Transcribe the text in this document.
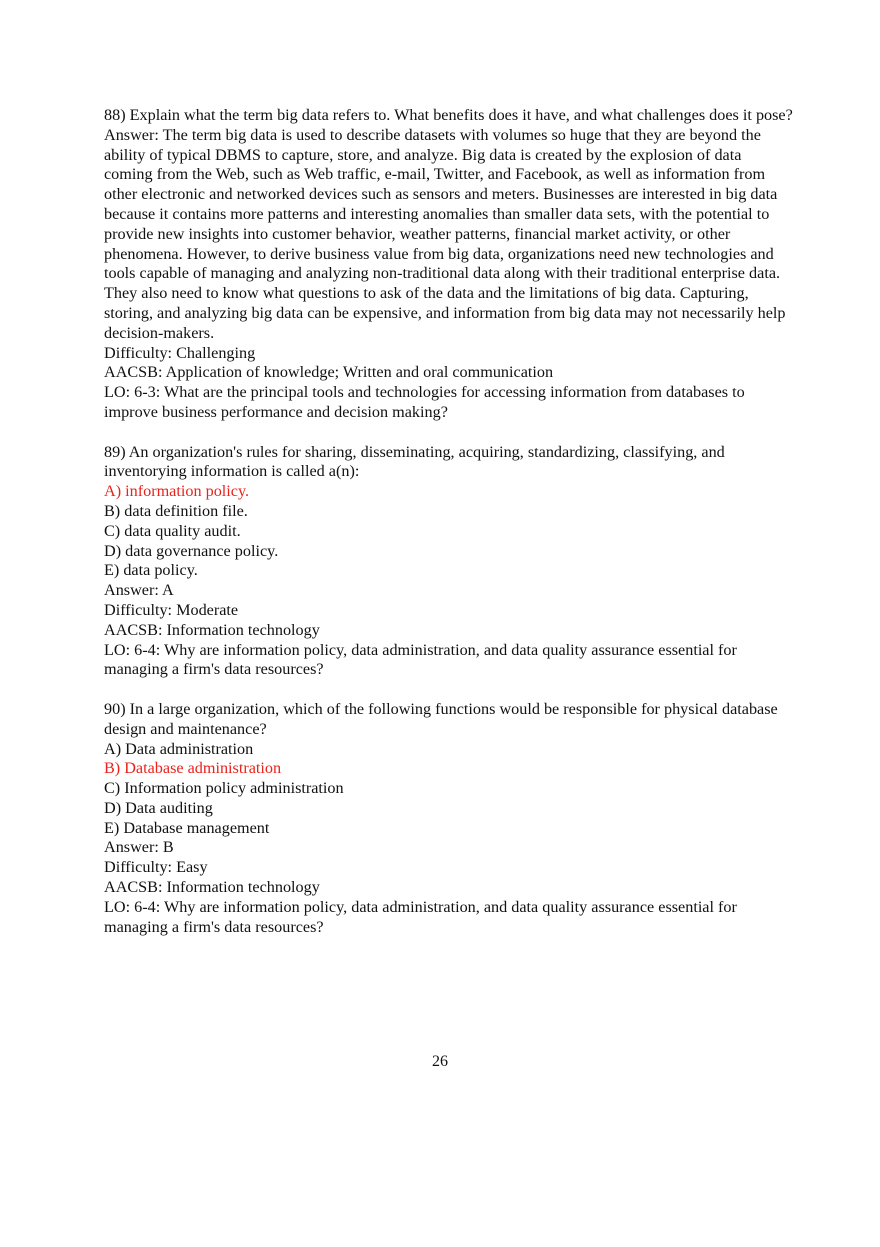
88) Explain what the term big data refers to. What benefits does it have, and what challenges does it pose?
Answer: The term big data is used to describe datasets with volumes so huge that they are beyond the ability of typical DBMS to capture, store, and analyze. Big data is created by the explosion of data coming from the Web, such as Web traffic, e-mail, Twitter, and Facebook, as well as information from other electronic and networked devices such as sensors and meters. Businesses are interested in big data because it contains more patterns and interesting anomalies than smaller data sets, with the potential to provide new insights into customer behavior, weather patterns, financial market activity, or other phenomena. However, to derive business value from big data, organizations need new technologies and tools capable of managing and analyzing non-traditional data along with their traditional enterprise data. They also need to know what questions to ask of the data and the limitations of big data. Capturing, storing, and analyzing big data can be expensive, and information from big data may not necessarily help decision-makers.
Difficulty: Challenging
AACSB: Application of knowledge; Written and oral communication
LO: 6-3: What are the principal tools and technologies for accessing information from databases to improve business performance and decision making?
89) An organization's rules for sharing, disseminating, acquiring, standardizing, classifying, and inventorying information is called a(n):
A) information policy.
B) data definition file.
C) data quality audit.
D) data governance policy.
E) data policy.
Answer: A
Difficulty: Moderate
AACSB: Information technology
LO: 6-4: Why are information policy, data administration, and data quality assurance essential for managing a firm's data resources?
90) In a large organization, which of the following functions would be responsible for physical database design and maintenance?
A) Data administration
B) Database administration
C) Information policy administration
D) Data auditing
E) Database management
Answer: B
Difficulty: Easy
AACSB: Information technology
LO: 6-4: Why are information policy, data administration, and data quality assurance essential for managing a firm's data resources?
26
